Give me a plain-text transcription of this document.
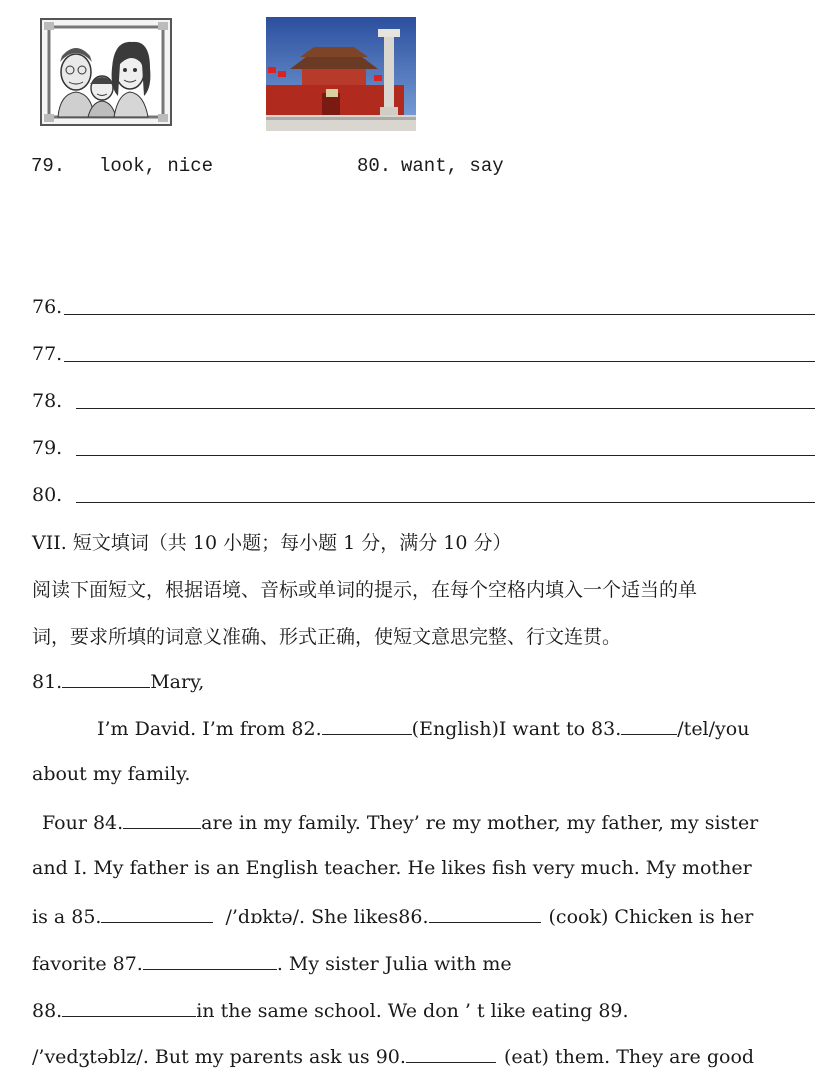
79. look, nice	80. want, say
76.
77.
78.
79.
80.
VII. 短文填词（共 10 小题；每小题 1 分，满分 10 分）
阅读下面短文，根据语境、音标或单词的提示，在每个空格内填入一个适当的单
词，要求所填的词意义准确、形式正确，使短文意思完整、行文连贯。
81.	Mary,
I’m David. I’m from 82.	(English)I want to 83.	/tel/you
about my family.
Four 84.	are in my family. They’ re my mother, my father, my sister
and I. My father is an English teacher. He likes fish very much. My mother
is a 85.	/’dɒktə/. She likes86.	(cook) Chicken is her
favorite 87.	. My sister Julia with me
88.	in the same school. We don ’ t like eating 89.
/’vedʒtəblz/. But my parents ask us 90.	(eat) them. They are good
